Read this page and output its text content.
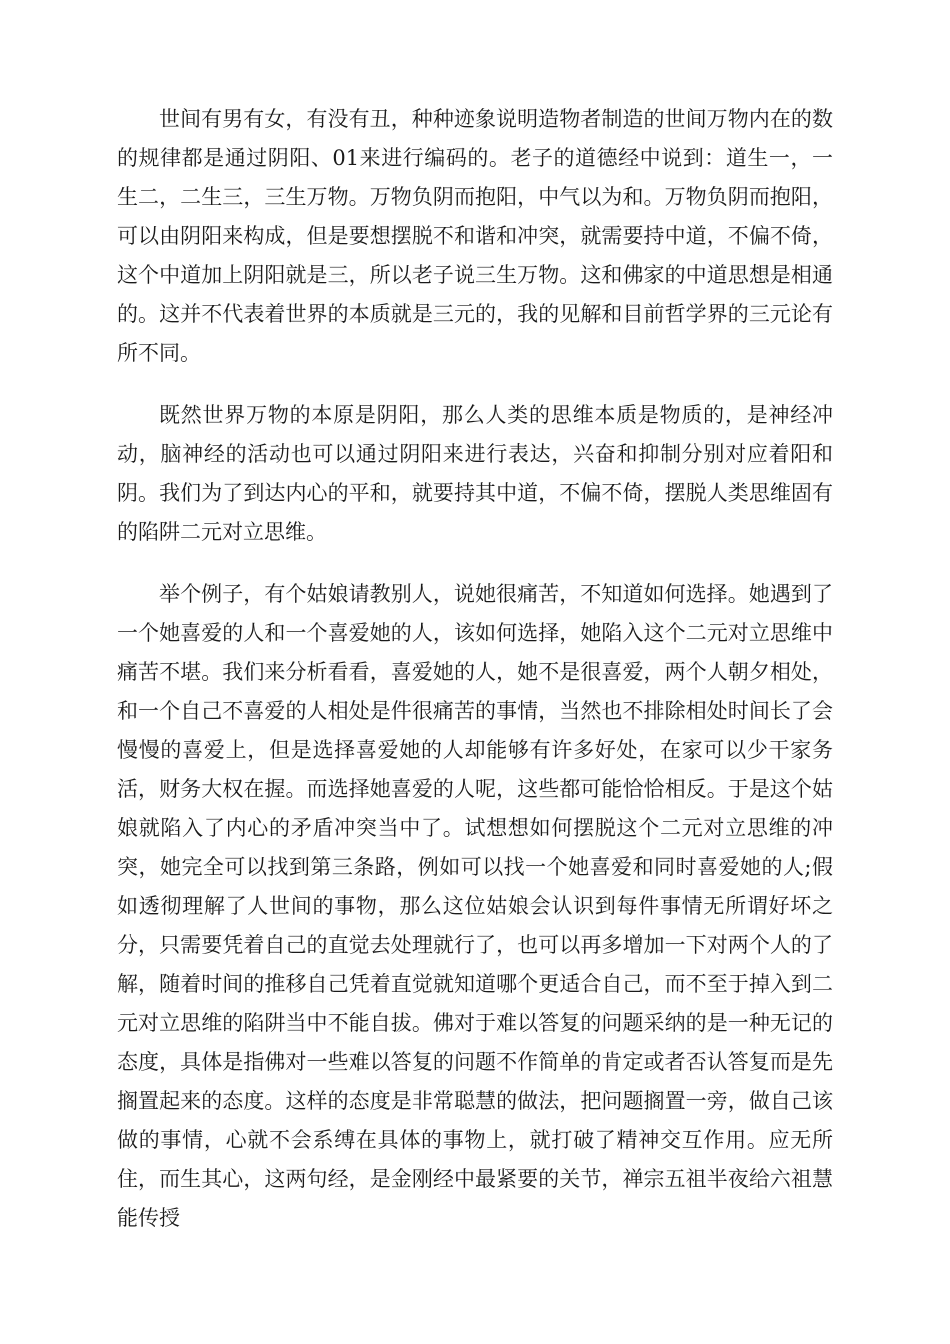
世间有男有女，有没有丑，种种迹象说明造物者制造的世间万物内在的数的规律都是通过阴阳、01来进行编码的。老子的道德经中说到：道生一，一生二，二生三，三生万物。万物负阴而抱阳，中气以为和。万物负阴而抱阳，可以由阴阳来构成，但是要想摆脱不和谐和冲突，就需要持中道，不偏不倚，这个中道加上阴阳就是三，所以老子说三生万物。这和佛家的中道思想是相通的。这并不代表着世界的本质就是三元的，我的见解和目前哲学界的三元论有所不同。

既然世界万物的本原是阴阳，那么人类的思维本质是物质的，是神经冲动，脑神经的活动也可以通过阴阳来进行表达，兴奋和抑制分别对应着阳和阴。我们为了到达内心的平和，就要持其中道，不偏不倚，摆脱人类思维固有的陷阱二元对立思维。

举个例子，有个姑娘请教别人，说她很痛苦，不知道如何选择。她遇到了一个她喜爱的人和一个喜爱她的人，该如何选择，她陷入这个二元对立思维中痛苦不堪。我们来分析看看，喜爱她的人，她不是很喜爱，两个人朝夕相处，和一个自己不喜爱的人相处是件很痛苦的事情，当然也不排除相处时间长了会慢慢的喜爱上，但是选择喜爱她的人却能够有许多好处，在家可以少干家务活，财务大权在握。而选择她喜爱的人呢，这些都可能恰恰相反。于是这个姑娘就陷入了内心的矛盾冲突当中了。试想想如何摆脱这个二元对立思维的冲突，她完全可以找到第三条路，例如可以找一个她喜爱和同时喜爱她的人;假如透彻理解了人世间的事物，那么这位姑娘会认识到每件事情无所谓好坏之分，只需要凭着自己的直觉去处理就行了，也可以再多增加一下对两个人的了解，随着时间的推移自己凭着直觉就知道哪个更适合自己，而不至于掉入到二元对立思维的陷阱当中不能自拔。佛对于难以答复的问题采纳的是一种无记的态度，具体是指佛对一些难以答复的问题不作简单的肯定或者否认答复而是先搁置起来的态度。这样的态度是非常聪慧的做法，把问题搁置一旁，做自己该做的事情，心就不会系缚在具体的事物上，就打破了精神交互作用。应无所住，而生其心，这两句经，是金刚经中最紧要的关节，禅宗五祖半夜给六祖慧能传授
